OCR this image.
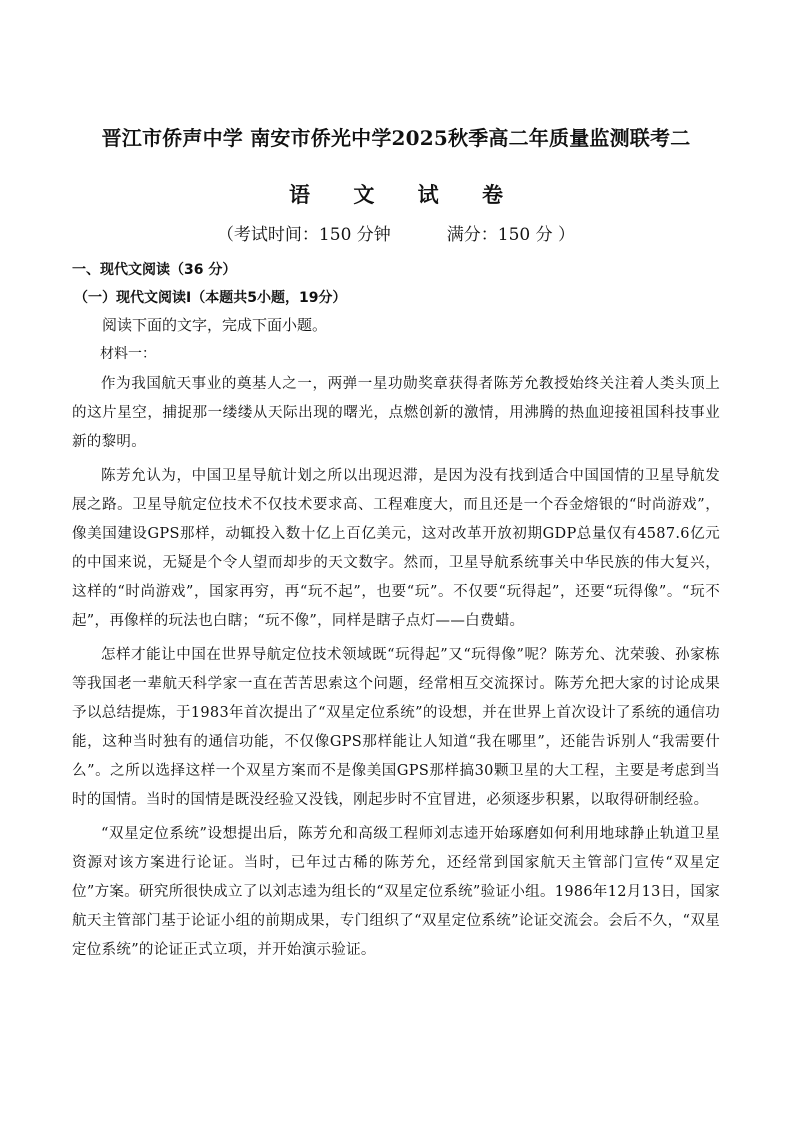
晋江市侨声中学 南安市侨光中学2025秋季高二年质量监测联考二
语 文 试 卷
（考试时间：150 分钟	满分：150 分 ）
一、现代文阅读（36 分）
（一）现代文阅读Ⅰ（本题共5小题，19分）
阅读下面的文字，完成下面小题。
材料一：

作为我国航天事业的奠基人之一，两弹一星功勋奖章获得者陈芳允教授始终关注着人类头顶上的这片星空，捕捉那一缕缕从天际出现的曙光，点燃创新的激情，用沸腾的热血迎接祖国科技事业新的黎明。

陈芳允认为，中国卫星导航计划之所以出现迟滞，是因为没有找到适合中国国情的卫星导航发展之路。卫星导航定位技术不仅技术要求高、工程难度大，而且还是一个吞金熔银的“时尚游戏”，像美国建设GPS那样，动辄投入数十亿上百亿美元，这对改革开放初期GDP总量仅有4587.6亿元的中国来说，无疑是个令人望而却步的天文数字。然而，卫星导航系统事关中华民族的伟大复兴，这样的“时尚游戏”，国家再穷，再“玩不起”，也要“玩”。不仅要“玩得起”，还要“玩得像”。“玩不起”，再像样的玩法也白瞎；“玩不像”，同样是瞎子点灯——白费蜡。

怎样才能让中国在世界导航定位技术领域既“玩得起”又“玩得像”呢？陈芳允、沈荣骏、孙家栋等我国老一辈航天科学家一直在苦苦思索这个问题，经常相互交流探讨。陈芳允把大家的讨论成果予以总结提炼，于1983年首次提出了“双星定位系统”的设想，并在世界上首次设计了系统的通信功能，这种当时独有的通信功能，不仅像GPS那样能让人知道“我在哪里”，还能告诉别人“我需要什么”。之所以选择这样一个双星方案而不是像美国GPS那样搞30颗卫星的大工程，主要是考虑到当时的国情。当时的国情是既没经验又没钱，刚起步时不宜冒进，必须逐步积累，以取得研制经验。

“双星定位系统”设想提出后，陈芳允和高级工程师刘志逵开始琢磨如何利用地球静止轨道卫星资源对该方案进行论证。当时，已年过古稀的陈芳允，还经常到国家航天主管部门宣传“双星定位”方案。研究所很快成立了以刘志逵为组长的“双星定位系统”验证小组。1986年12月13日，国家航天主管部门基于论证小组的前期成果，专门组织了“双星定位系统”论证交流会。会后不久，“双星定位系统”的论证正式立项，并开始演示验证。
